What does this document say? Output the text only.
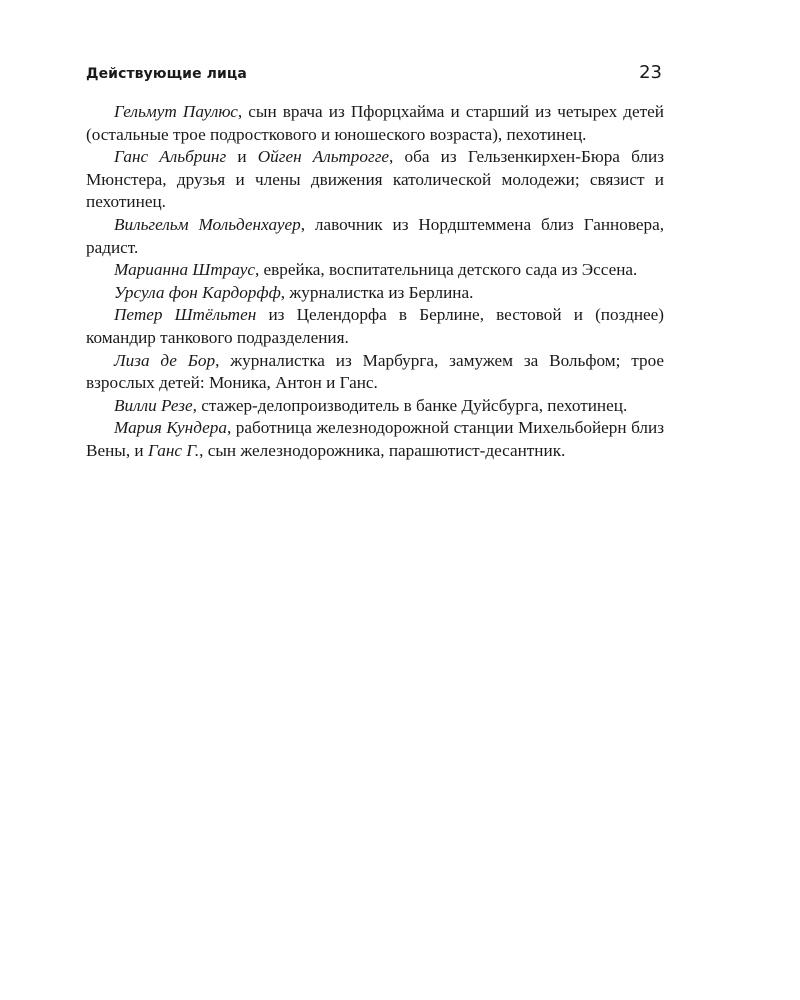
Действующие лица	23

Гельмут Паулюс, сын врача из Пфорцхайма и старший из четырех детей (остальные трое подросткового и юношеского возраста), пехотинец.

Ганс Альбринг и Ойген Альтрогге, оба из Гельзенкирхен-Бюра близ Мюнстера, друзья и члены движения католической молодежи; связист и пехотинец.

Вильгельм Мольденхауер, лавочник из Нордштеммена близ Ганновера, радист.

Марианна Штраус, еврейка, воспитательница детского сада из Эссена.

Урсула фон Кардорфф, журналистка из Берлина.

Петер Штёльтен из Целендорфа в Берлине, вестовой и (позднее) командир танкового подразделения.

Лиза де Бор, журналистка из Марбурга, замужем за Вольфом; трое взрослых детей: Моника, Антон и Ганс.

Вилли Резе, стажер-делопроизводитель в банке Дуйсбурга, пехотинец.

Мария Кундера, работница железнодорожной станции Михельбойерн близ Вены, и Ганс Г., сын железнодорожника, парашютист-десантник.
